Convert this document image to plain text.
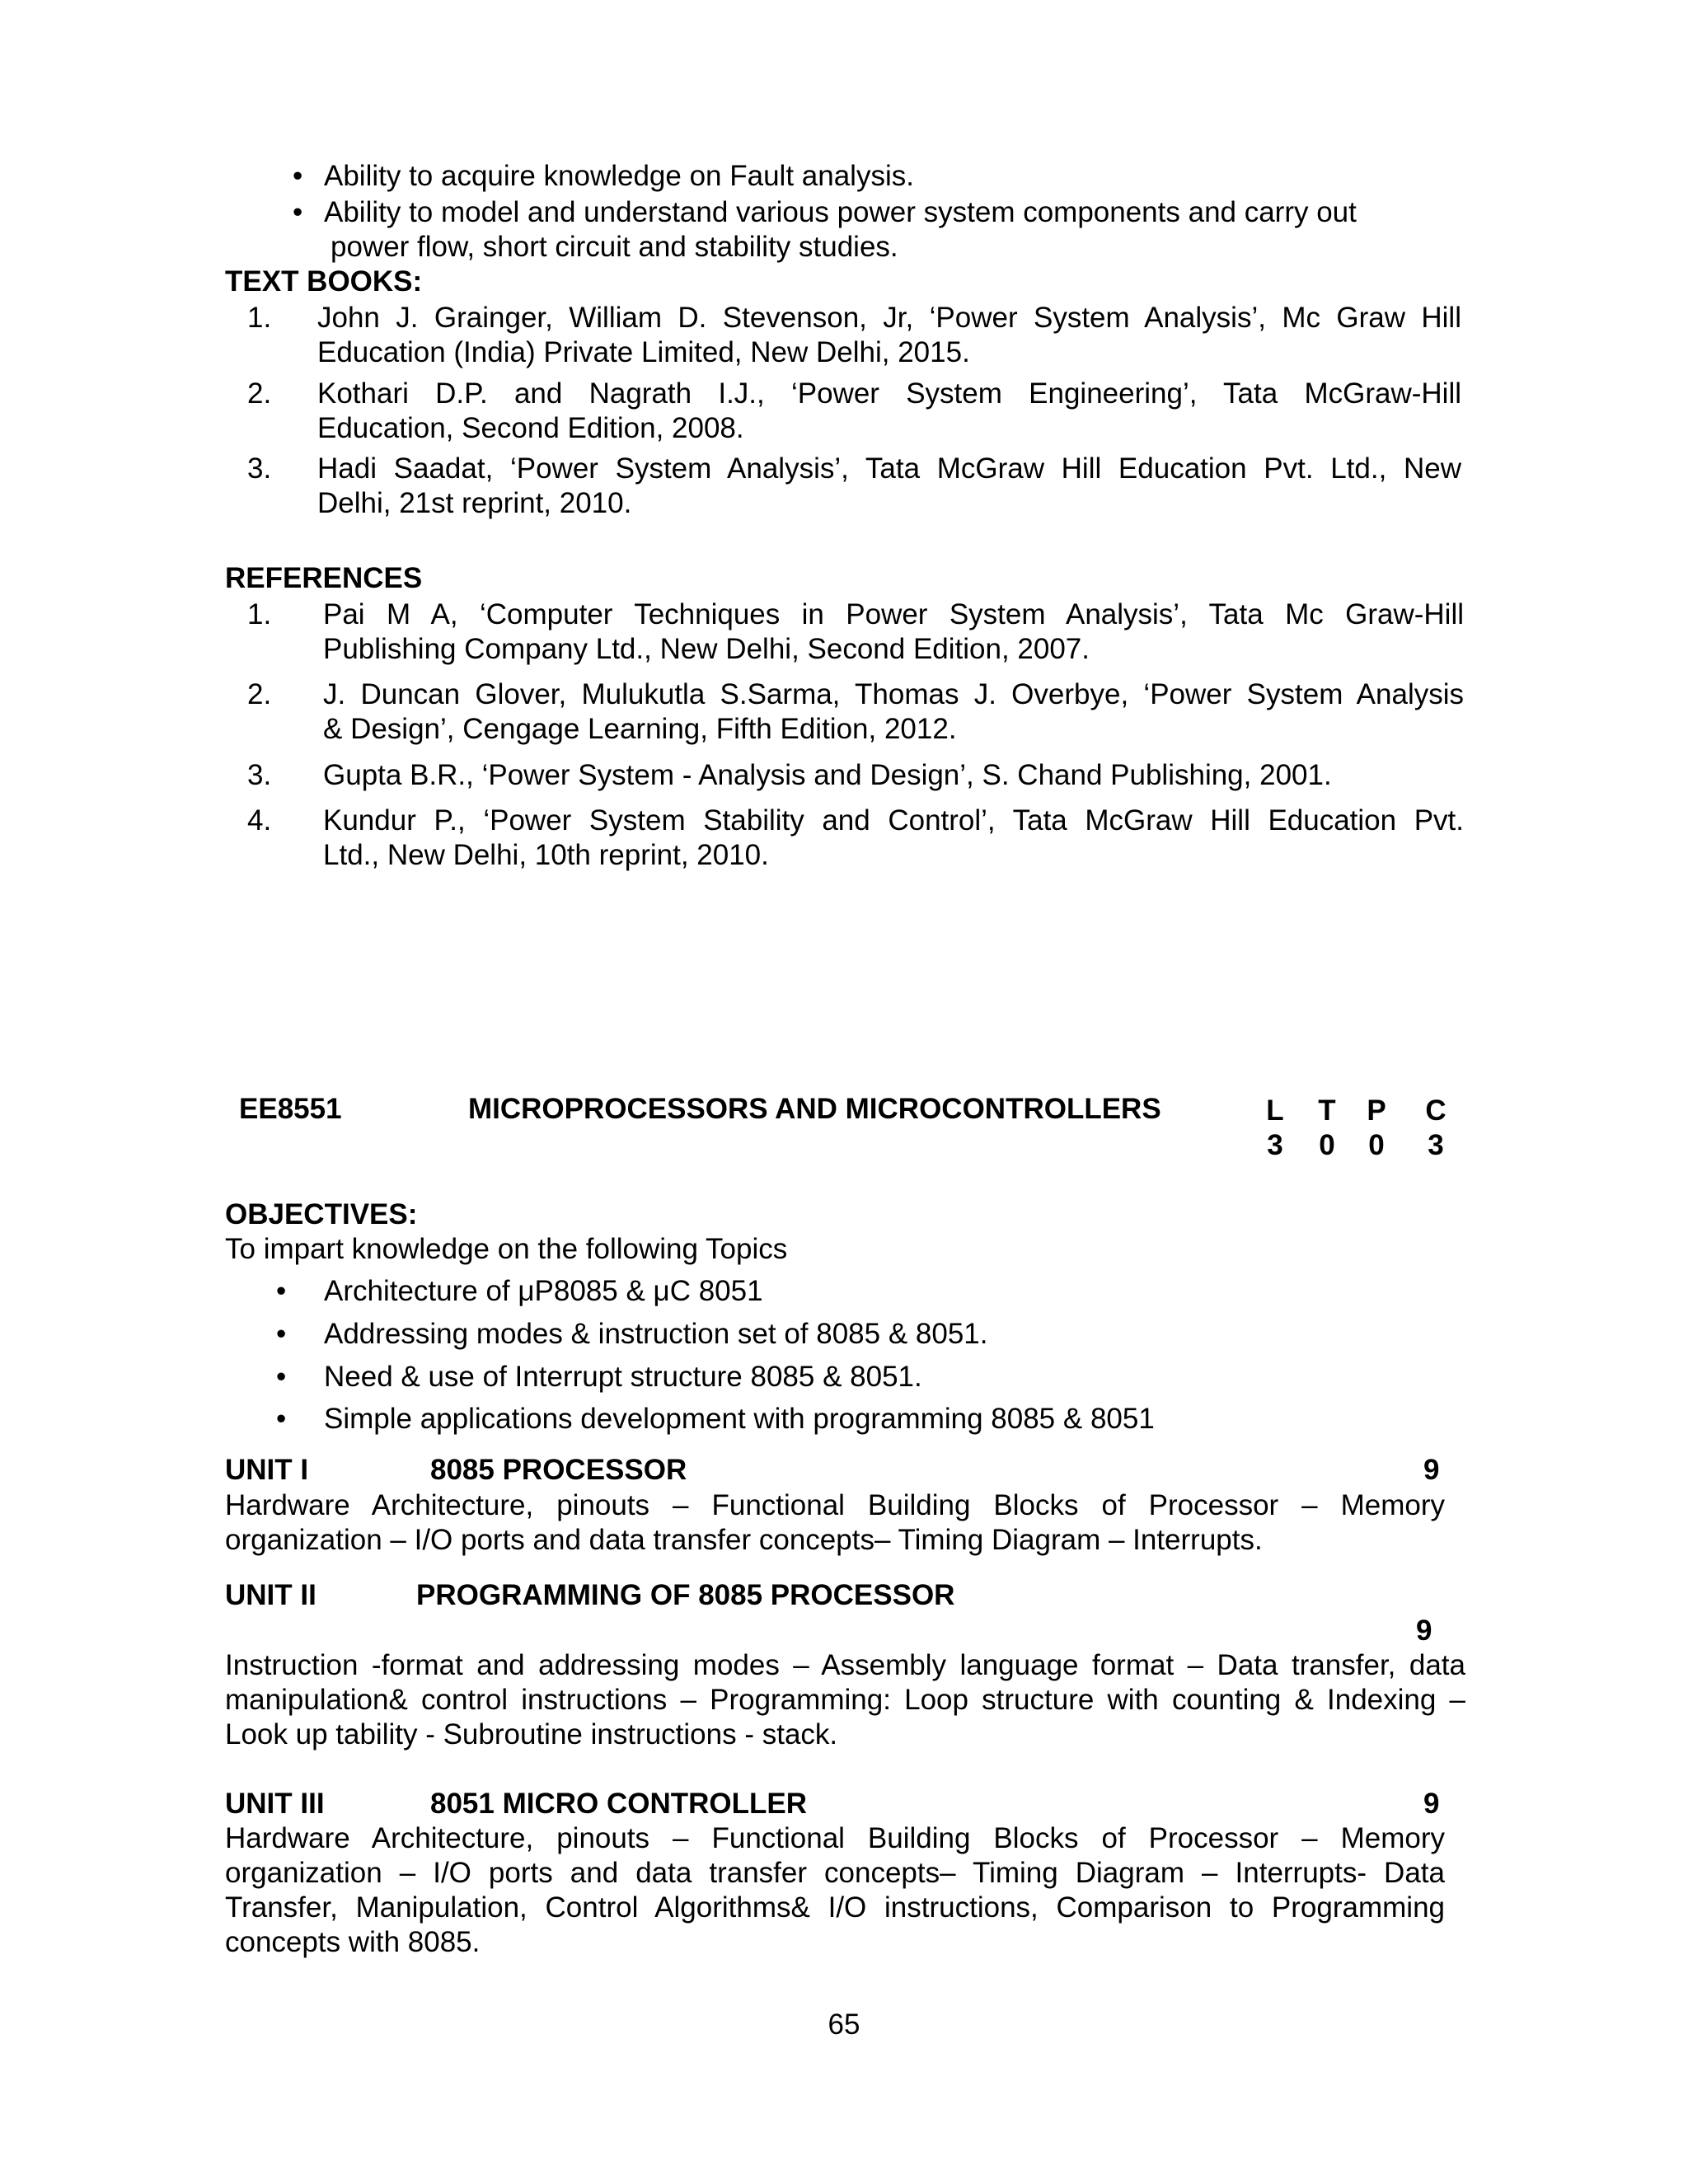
• Ability to acquire knowledge on Fault analysis.
• Ability to model and understand various power system components and carry out
power flow, short circuit and stability studies.
TEXT BOOKS:
1.	John J. Grainger, William D. Stevenson, Jr, ‘Power System Analysis’, Mc Graw Hill
Education (India) Private Limited, New Delhi, 2015.
2.	Kothari D.P. and Nagrath I.J., ‘Power System Engineering’, Tata McGraw-Hill
Education, Second Edition, 2008.
3.	Hadi Saadat, ‘Power System Analysis’, Tata McGraw Hill Education Pvt. Ltd., New
Delhi, 21st reprint, 2010.
REFERENCES
1.	Pai M A, ‘Computer Techniques in Power System Analysis’, Tata Mc Graw-Hill
Publishing Company Ltd., New Delhi, Second Edition, 2007.
2.	J. Duncan Glover, Mulukutla S.Sarma, Thomas J. Overbye, ‘Power System Analysis
& Design’, Cengage Learning, Fifth Edition, 2012.
3.	Gupta B.R., ‘Power System - Analysis and Design’, S. Chand Publishing, 2001.
4.	Kundur P., ‘Power System Stability and Control’, Tata McGraw Hill Education Pvt.
Ltd., New Delhi, 10th reprint, 2010.
EE8551	MICROPROCESSORS AND MICROCONTROLLERS	L T P C
3 0 0 3
OBJECTIVES:
To impart knowledge on the following Topics
•	Architecture of μP8085 & μC 8051
•	Addressing modes & instruction set of 8085 & 8051.
•	Need & use of Interrupt structure 8085 & 8051.
•	Simple applications development with programming 8085 & 8051
UNIT I	8085 PROCESSOR	9
Hardware Architecture, pinouts – Functional Building Blocks of Processor – Memory
organization – I/O ports and data transfer concepts– Timing Diagram – Interrupts.
UNIT II	PROGRAMMING OF 8085 PROCESSOR
9
Instruction -format and addressing modes – Assembly language format – Data transfer, data
manipulation& control instructions – Programming: Loop structure with counting & Indexing –
Look up tability - Subroutine instructions - stack.
UNIT III	8051 MICRO CONTROLLER	9
Hardware Architecture, pinouts – Functional Building Blocks of Processor – Memory
organization – I/O ports and data transfer concepts– Timing Diagram – Interrupts- Data
Transfer, Manipulation, Control Algorithms& I/O instructions, Comparison to Programming
concepts with 8085.
65
